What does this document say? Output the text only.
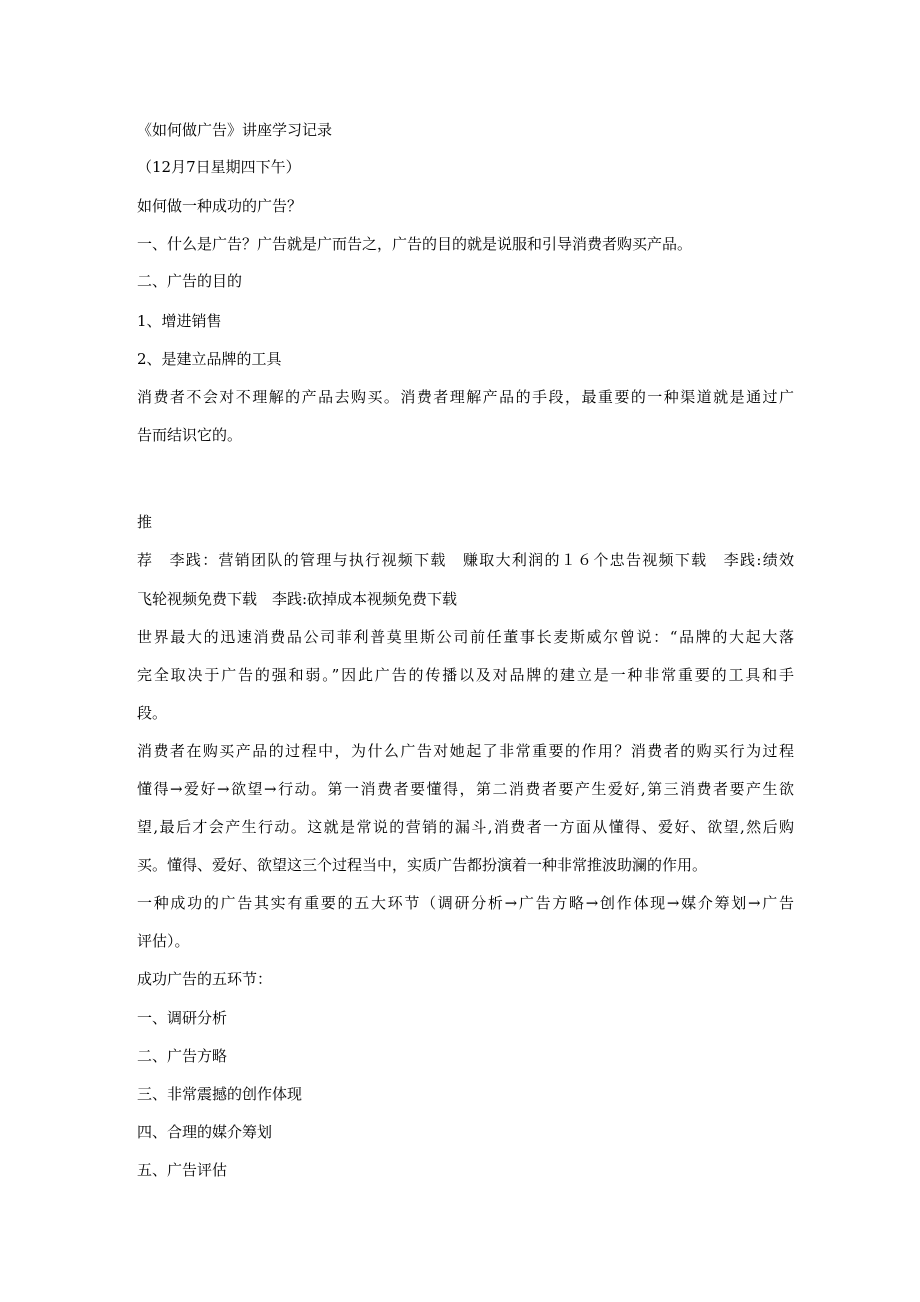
《如何做广告》讲座学习记录

（12月7日星期四下午）

如何做一种成功的广告？

一、什么是广告？广告就是广而告之，广告的目的就是说服和引导消费者购买产品。

二、广告的目的

1、增进销售

2、是建立品牌的工具

消费者不会对不理解的产品去购买。消费者理解产品的手段，最重要的一种渠道就是通过广

告而结识它的。

推

荐　李践：营销团队的管理与执行视频下载　赚取大利润的１６个忠告视频下载　李践:绩效

飞轮视频免费下载　李践:砍掉成本视频免费下载

世界最大的迅速消费品公司菲利普莫里斯公司前任董事长麦斯威尔曾说：“品牌的大起大落

完全取决于广告的强和弱。”因此广告的传播以及对品牌的建立是一种非常重要的工具和手

段。

消费者在购买产品的过程中，为什么广告对她起了非常重要的作用？消费者的购买行为过程

懂得→爱好→欲望→行动。第一消费者要懂得，第二消费者要产生爱好,第三消费者要产生欲

望,最后才会产生行动。这就是常说的营销的漏斗,消费者一方面从懂得、爱好、欲望,然后购

买。懂得、爱好、欲望这三个过程当中，实质广告都扮演着一种非常推波助澜的作用。

一种成功的广告其实有重要的五大环节（调研分析→广告方略→创作体现→媒介筹划→广告

评估）。

成功广告的五环节：

一、调研分析

二、广告方略

三、非常震撼的创作体现

四、合理的媒介筹划

五、广告评估
